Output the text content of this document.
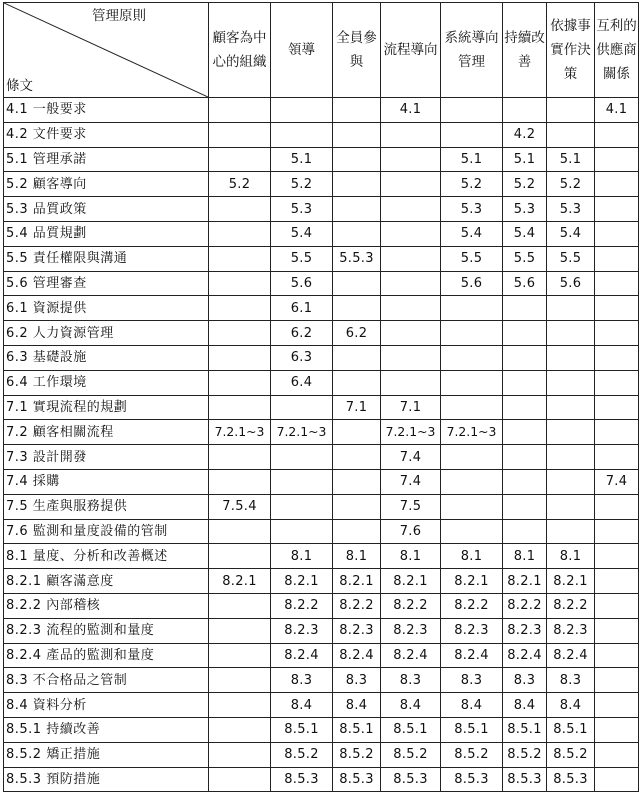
管理原則
條文	顧客為中心的組織	領導	全員參與	流程導向	系統導向管理	持續改善	依據事實作決策	互利的供應商關係
4.1 一般要求				4.1				4.1
4.2 文件要求						4.2		
5.1 管理承諾		5.1			5.1	5.1	5.1	
5.2 顧客導向	5.2	5.2			5.2	5.2	5.2	
5.3 品質政策		5.3			5.3	5.3	5.3	
5.4 品質規劃		5.4			5.4	5.4	5.4	
5.5 責任權限與溝通		5.5	5.5.3		5.5	5.5	5.5	
5.6 管理審查		5.6			5.6	5.6	5.6	
6.1 資源提供		6.1						
6.2 人力資源管理		6.2	6.2					
6.3 基礎設施		6.3						
6.4 工作環境		6.4						
7.1 實現流程的規劃			7.1	7.1				
7.2 顧客相關流程	7.2.1~3	7.2.1~3		7.2.1~3	7.2.1~3			
7.3 設計開發				7.4				
7.4 採購				7.4				7.4
7.5 生產與服務提供	7.5.4			7.5				
7.6 監測和量度設備的管制				7.6				
8.1 量度、分析和改善概述		8.1	8.1	8.1	8.1	8.1	8.1	
8.2.1 顧客滿意度	8.2.1	8.2.1	8.2.1	8.2.1	8.2.1	8.2.1	8.2.1	
8.2.2 內部稽核		8.2.2	8.2.2	8.2.2	8.2.2	8.2.2	8.2.2	
8.2.3 流程的監測和量度		8.2.3	8.2.3	8.2.3	8.2.3	8.2.3	8.2.3	
8.2.4 產品的監測和量度		8.2.4	8.2.4	8.2.4	8.2.4	8.2.4	8.2.4	
8.3 不合格品之管制		8.3	8.3	8.3	8.3	8.3	8.3	
8.4 資料分析		8.4	8.4	8.4	8.4	8.4	8.4	
8.5.1 持續改善		8.5.1	8.5.1	8.5.1	8.5.1	8.5.1	8.5.1	
8.5.2 矯正措施		8.5.2	8.5.2	8.5.2	8.5.2	8.5.2	8.5.2	
8.5.3 預防措施		8.5.3	8.5.3	8.5.3	8.5.3	8.5.3	8.5.3	
